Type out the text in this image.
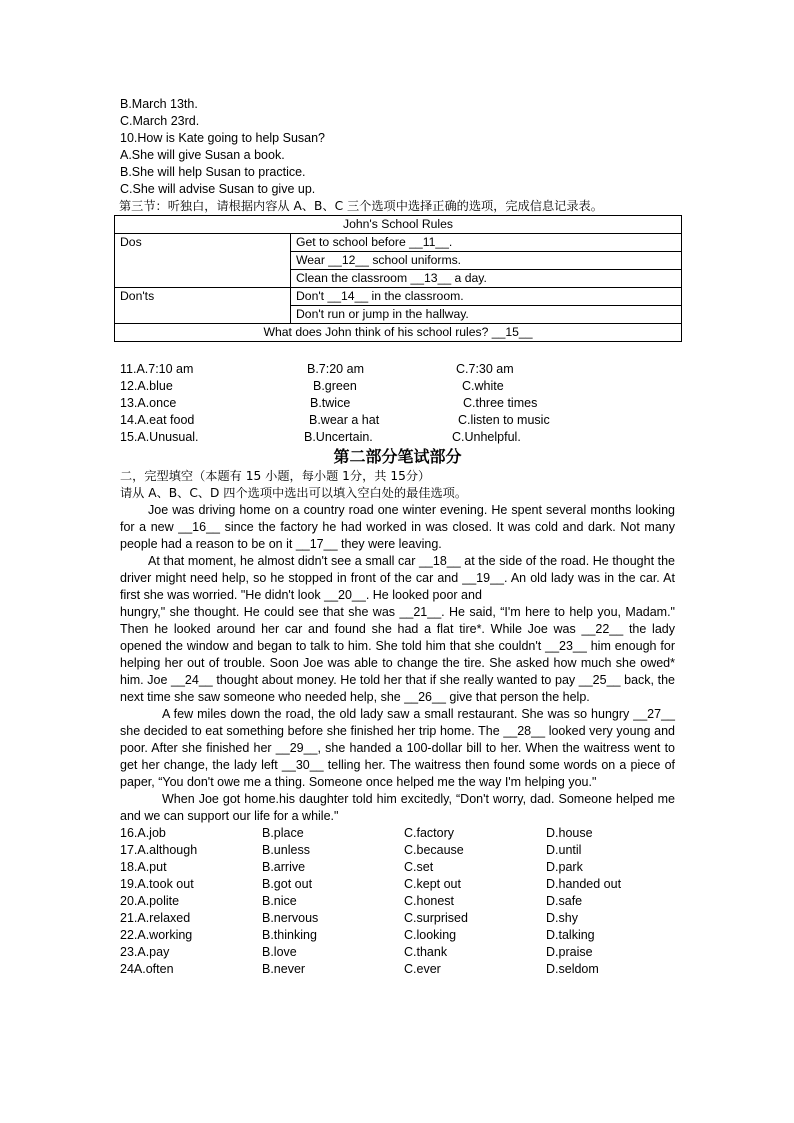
B.March 13th.
C.March 23rd.
10.How is Kate going to help Susan?
A.She will give Susan a book.
B.She will help Susan to practice.
C.She will advise Susan to give up.
第三节：听独白，请根据内容从 A、B、C 三个选项中选择正确的选项，完成信息记录表。
John's School Rules	
Dos	Get to school before __11__.
	Wear __12__ school uniforms.
	Clean the classroom __13__ a day.
Don'ts	Don't __14__ in the classroom.
	Don't run or jump in the hallway.
What does John think of his school rules? __15__	
11.A.7:10 am	B.7:20 am	C.7:30 am
12.A.blue	B.green	C.white
13.A.once	B.twice	C.three times
14.A.eat food	B.wear a hat	C.listen to music
15.A.Unusual.	B.Uncertain.	C.Unhelpful.
第二部分笔试部分
二，完型填空（本题有 15 小题，每小题 1分，共 15分）
请从 A、B、C、D 四个选项中选出可以填入空白处的最佳选项。

Joe was driving home on a country road one winter evening. He spent several months looking for a new __16__ since the factory he had worked in was closed. It was cold and dark. Not many people had a reason to be on it __17__ they were leaving.

At that moment, he almost didn't see a small car __18__ at the side of the road. He thought the driver might need help, so he stopped in front of the car and __19__. An old lady was in the car. At first she was worried. "He didn't look __20__. He looked poor and

hungry," she thought. He could see that she was __21__. He said, “I'm here to help you, Madam." Then he looked around her car and found she had a flat tire*. While Joe was __22__ the lady opened the window and began to talk to him. She told him that she couldn't __23__ him enough for helping her out of trouble. Soon Joe was able to change the tire. She asked how much she owed* him. Joe __24__ thought about money. He told her that if she really wanted to pay __25__ back, the next time she saw someone who needed help, she __26__ give that person the help.

A few miles down the road, the old lady saw a small restaurant. She was so hungry __27__ she decided to eat something before she finished her trip home. The __28__ looked very young and poor. After she finished her __29__, she handed a 100-dollar bill to her. When the waitress went to get her change, the lady left __30__ telling her. The waitress then found some words on a piece of paper, “You don't owe me a thing. Someone once helped me the way I'm helping you."

When Joe got home.his daughter told him excitedly, “Don't worry, dad. Someone helped me and we can support our life for a while."

16.A.job	B.place	C.factory	D.house
17.A.although	B.unless	C.because	D.until
18.A.put	B.arrive	C.set	D.park
19.A.took out	B.got out	C.kept out	D.handed out
20.A.polite	B.nice	C.honest	D.safe
21.A.relaxed	B.nervous	C.surprised	D.shy
22.A.working	B.thinking	C.looking	D.talking
23.A.pay	B.love	C.thank	D.praise
24A.often	B.never	C.ever	D.seldom
